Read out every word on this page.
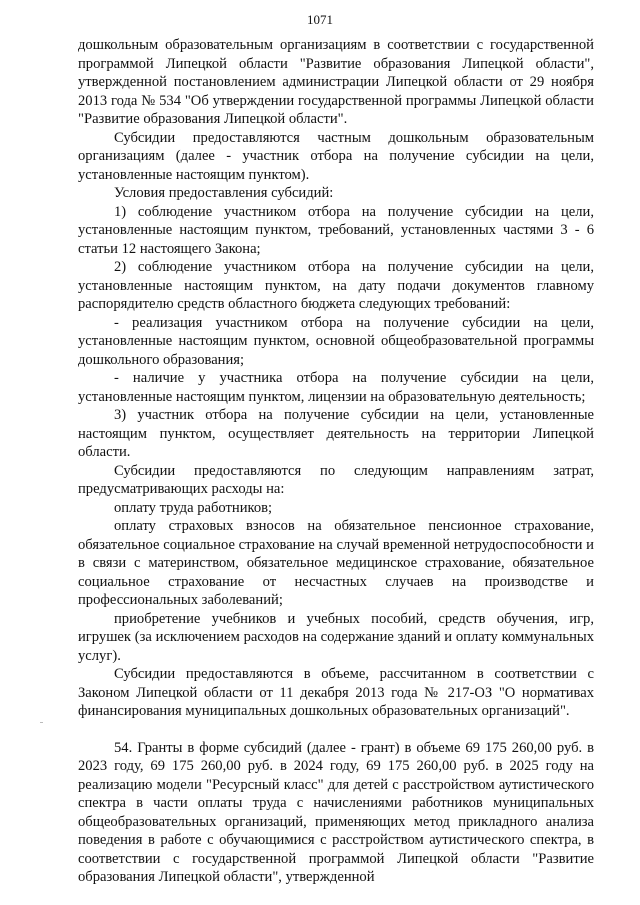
1071

дошкольным образовательным организациям в соответствии с государственной программой Липецкой области "Развитие образования Липецкой области", утвержденной постановлением администрации Липецкой области от 29 ноября 2013 года № 534 "Об утверждении государственной программы Липецкой области "Развитие образования Липецкой области".

Субсидии предоставляются частным дошкольным образовательным организациям (далее - участник отбора на получение субсидии на цели, установленные настоящим пунктом).

Условия предоставления субсидий:

1) соблюдение участником отбора на получение субсидии на цели, установленные настоящим пунктом, требований, установленных частями 3 - 6 статьи 12 настоящего Закона;

2) соблюдение участником отбора на получение субсидии на цели, установленные настоящим пунктом, на дату подачи документов главному распорядителю средств областного бюджета следующих требований:

- реализация участником отбора на получение субсидии на цели, установленные настоящим пунктом, основной общеобразовательной программы дошкольного образования;

- наличие у участника отбора на получение субсидии на цели, установленные настоящим пунктом, лицензии на образовательную деятельность;

3) участник отбора на получение субсидии на цели, установленные настоящим пунктом, осуществляет деятельность на территории Липецкой области.

Субсидии предоставляются по следующим направлениям затрат, предусматривающих расходы на:

оплату труда работников;

оплату страховых взносов на обязательное пенсионное страхование, обязательное социальное страхование на случай временной нетрудоспособности и в связи с материнством, обязательное медицинское страхование, обязательное социальное страхование от несчастных случаев на производстве и профессиональных заболеваний;

приобретение учебников и учебных пособий, средств обучения, игр, игрушек (за исключением расходов на содержание зданий и оплату коммунальных услуг).

Субсидии предоставляются в объеме, рассчитанном в соответствии с Законом Липецкой области от 11 декабря 2013 года № 217-ОЗ "О нормативах финансирования муниципальных дошкольных образовательных организаций".

54. Гранты в форме субсидий (далее - грант) в объеме 69 175 260,00 руб. в 2023 году, 69 175 260,00 руб. в 2024 году, 69 175 260,00 руб. в 2025 году на реализацию модели "Ресурсный класс" для детей с расстройством аутистического спектра в части оплаты труда с начислениями работников муниципальных общеобразовательных организаций, применяющих метод прикладного анализа поведения в работе с обучающимися с расстройством аутистического спектра, в соответствии с государственной программой Липецкой области "Развитие образования Липецкой области", утвержденной
